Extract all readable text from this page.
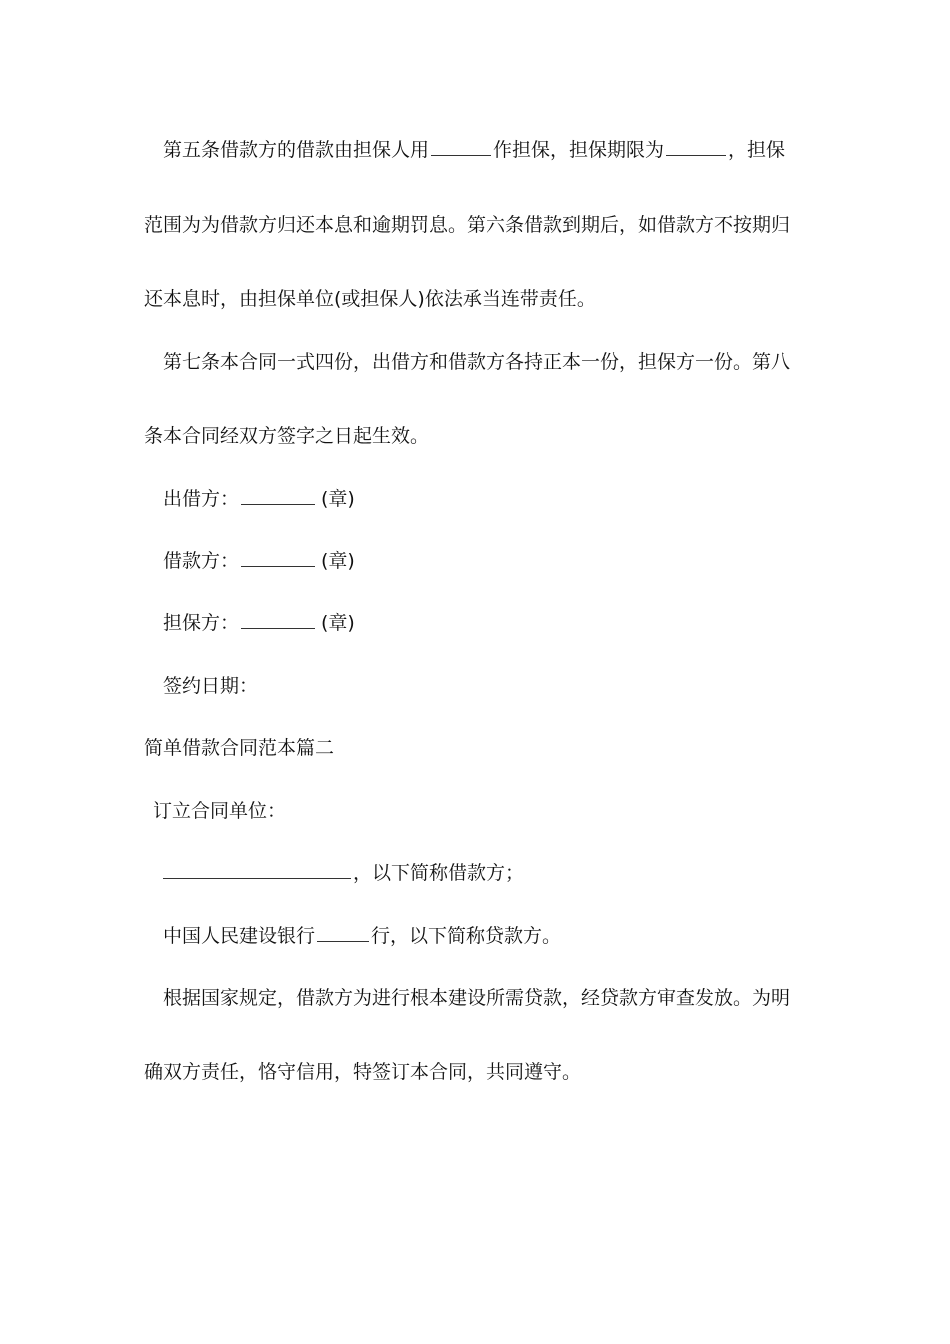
第五条借款方的借款由担保人用	作担保，担保期限为	，担保

范围为为借款方归还本息和逾期罚息。第六条借款到期后，如借款方不按期归

还本息时，由担保单位(或担保人)依法承当连带责任。

第七条本合同一式四份，出借方和借款方各持正本一份，担保方一份。第八

条本合同经双方签字之日起生效。

出借方：	(章)

借款方：	(章)

担保方：	(章)

签约日期：

简单借款合同范本篇二

订立合同单位：

，以下简称借款方；

中国人民建设银行	行，以下简称贷款方。

根据国家规定，借款方为进行根本建设所需贷款，经贷款方审查发放。为明

确双方责任，恪守信用，特签订本合同，共同遵守。
